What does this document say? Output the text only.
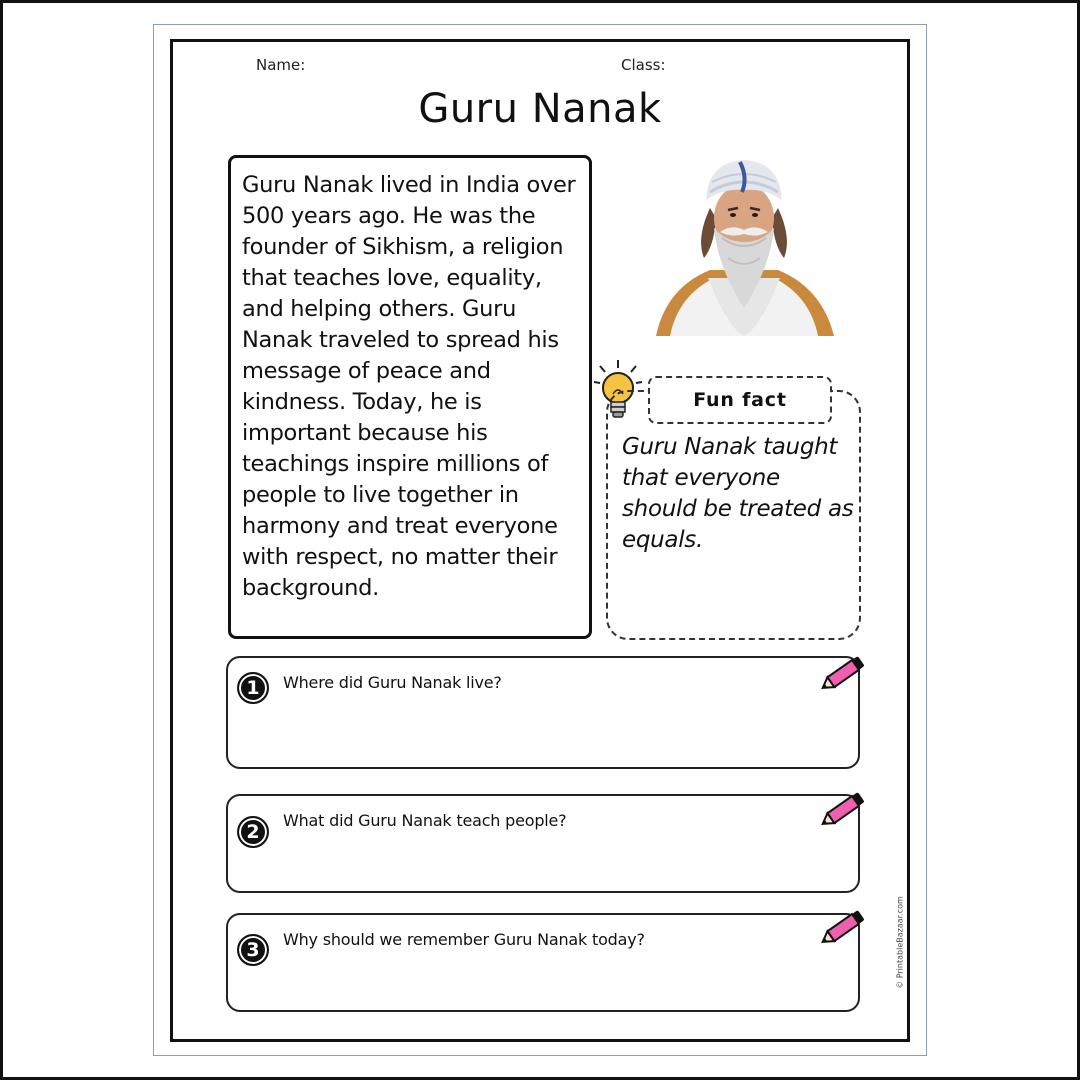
Name:	Class:
Guru Nanak

Guru Nanak lived in India over 500 years ago. He was the founder of Sikhism, a religion that teaches love, equality, and helping others. Guru Nanak traveled to spread his message of peace and kindness. Today, he is important because his teachings inspire millions of people to live together in harmony and treat everyone with respect, no matter their background.

Fun fact
Guru Nanak taught that everyone should be treated as equals.
1	Where did Guru Nanak live?
2
What did Guru Nanak teach people?
3	Why should we remember Guru Nanak today?	© PrintableBazaar.com
